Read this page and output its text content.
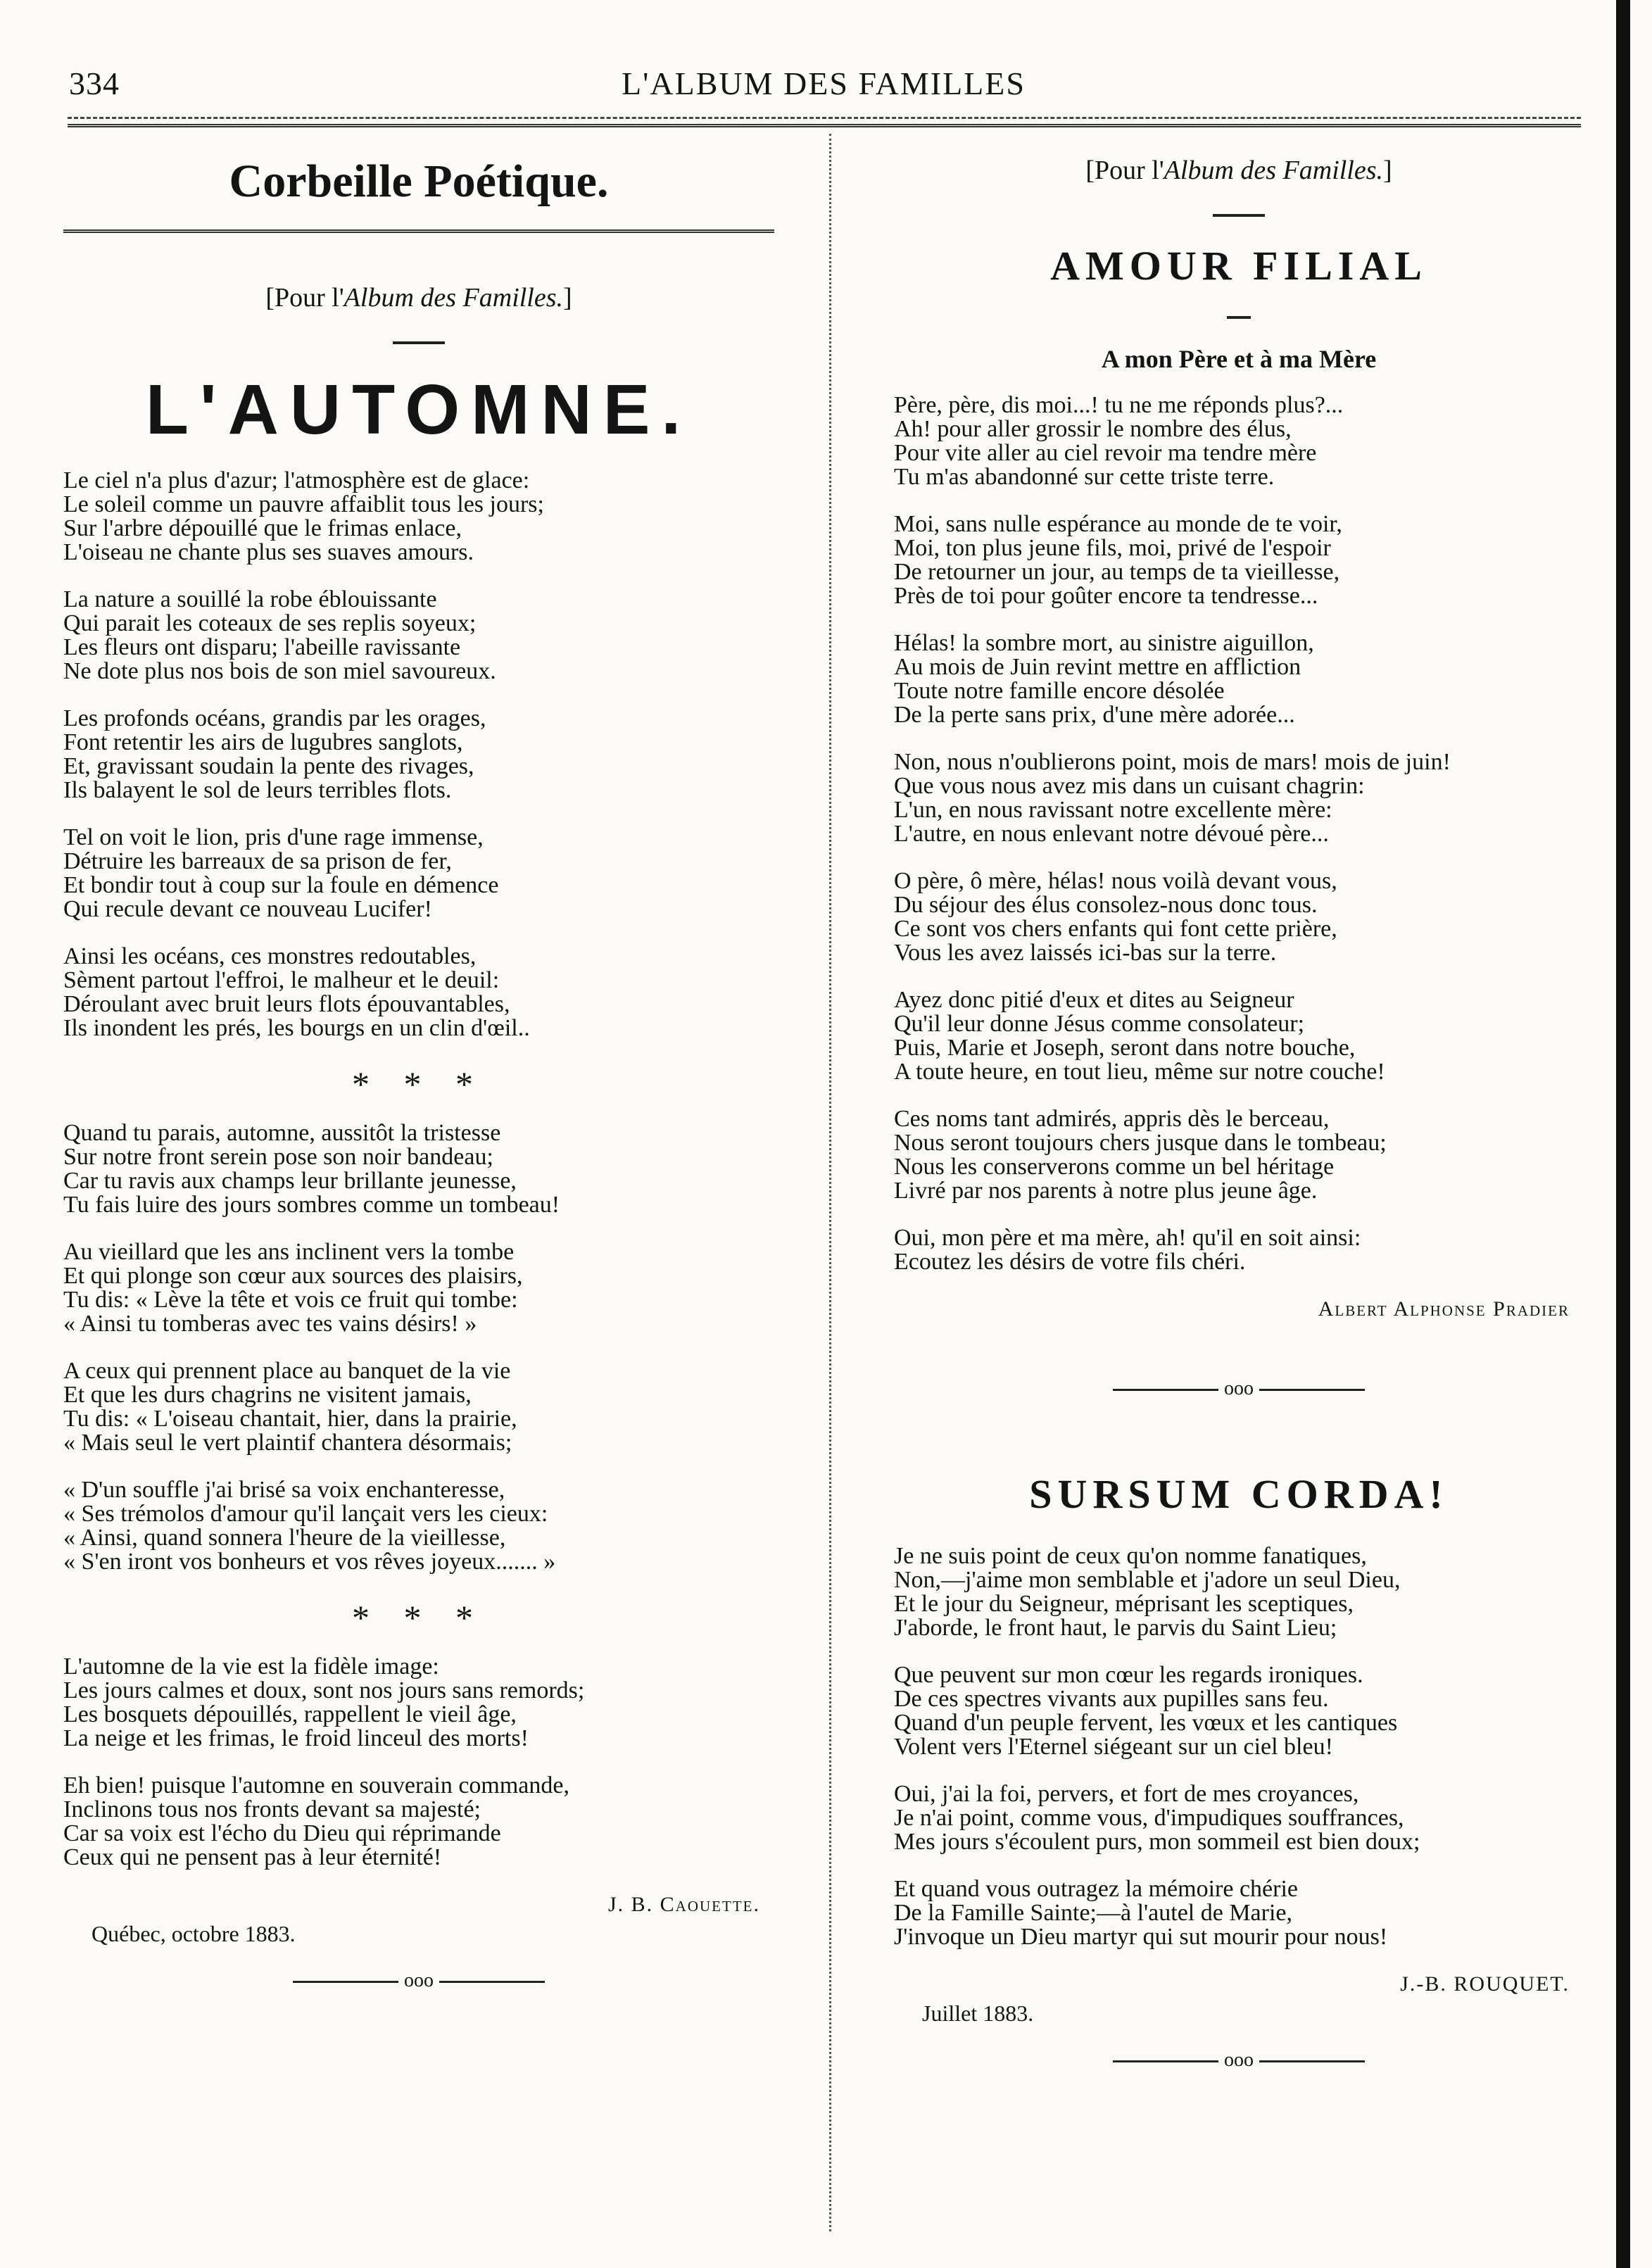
334	L'ALBUM DES FAMILLES
Corbeille Poétique.
[Pour l'Album des Familles.]
L'AUTOMNE.
Le ciel n'a plus d'azur; l'atmosphère est de glace:
Le soleil comme un pauvre affaiblit tous les jours;
Sur l'arbre dépouillé que le frimas enlace,
L'oiseau ne chante plus ses suaves amours.
La nature a souillé la robe éblouissante
Qui parait les coteaux de ses replis soyeux;
Les fleurs ont disparu; l'abeille ravissante
Ne dote plus nos bois de son miel savoureux.
Les profonds océans, grandis par les orages,
Font retentir les airs de lugubres sanglots,
Et, gravissant soudain la pente des rivages,
Ils balayent le sol de leurs terribles flots.
Tel on voit le lion, pris d'une rage immense,
Détruire les barreaux de sa prison de fer,
Et bondir tout à coup sur la foule en démence
Qui recule devant ce nouveau Lucifer!
Ainsi les océans, ces monstres redoutables,
Sèment partout l'effroi, le malheur et le deuil:
Déroulant avec bruit leurs flots épouvantables,
Ils inondent les prés, les bourgs en un clin d'œil..
* * *
Quand tu parais, automne, aussitôt la tristesse
Sur notre front serein pose son noir bandeau;
Car tu ravis aux champs leur brillante jeunesse,
Tu fais luire des jours sombres comme un tombeau!
Au vieillard que les ans inclinent vers la tombe
Et qui plonge son cœur aux sources des plaisirs,
Tu dis: « Lève la tête et vois ce fruit qui tombe:
« Ainsi tu tomberas avec tes vains désirs! »
A ceux qui prennent place au banquet de la vie
Et que les durs chagrins ne visitent jamais,
Tu dis: « L'oiseau chantait, hier, dans la prairie,
« Mais seul le vert plaintif chantera désormais;
« D'un souffle j'ai brisé sa voix enchanteresse,
« Ses trémolos d'amour qu'il lançait vers les cieux:
« Ainsi, quand sonnera l'heure de la vieillesse,
« S'en iront vos bonheurs et vos rêves joyeux....... »
* * *
L'automne de la vie est la fidèle image:
Les jours calmes et doux, sont nos jours sans remords;
Les bosquets dépouillés, rappellent le vieil âge,
La neige et les frimas, le froid linceul des morts!
Eh bien! puisque l'automne en souverain commande,
Inclinons tous nos fronts devant sa majesté;
Car sa voix est l'écho du Dieu qui réprimande
Ceux qui ne pensent pas à leur éternité!
J. B. Caouette.
Québec, octobre 1883.
ooo
[Pour l'Album des Familles.]
AMOUR FILIAL
A mon Père et à ma Mère
Père, père, dis moi...! tu ne me réponds plus?...
Ah! pour aller grossir le nombre des élus,
Pour vite aller au ciel revoir ma tendre mère
Tu m'as abandonné sur cette triste terre.
Moi, sans nulle espérance au monde de te voir,
Moi, ton plus jeune fils, moi, privé de l'espoir
De retourner un jour, au temps de ta vieillesse,
Près de toi pour goûter encore ta tendresse...
Hélas! la sombre mort, au sinistre aiguillon,
Au mois de Juin revint mettre en affliction
Toute notre famille encore désolée
De la perte sans prix, d'une mère adorée...
Non, nous n'oublierons point, mois de mars! mois de juin!
Que vous nous avez mis dans un cuisant chagrin:
L'un, en nous ravissant notre excellente mère:
L'autre, en nous enlevant notre dévoué père...
O père, ô mère, hélas! nous voilà devant vous,
Du séjour des élus consolez-nous donc tous.
Ce sont vos chers enfants qui font cette prière,
Vous les avez laissés ici-bas sur la terre.
Ayez donc pitié d'eux et dites au Seigneur
Qu'il leur donne Jésus comme consolateur;
Puis, Marie et Joseph, seront dans notre bouche,
A toute heure, en tout lieu, même sur notre couche!
Ces noms tant admirés, appris dès le berceau,
Nous seront toujours chers jusque dans le tombeau;
Nous les conserverons comme un bel héritage
Livré par nos parents à notre plus jeune âge.
Oui, mon père et ma mère, ah! qu'il en soit ainsi:
Ecoutez les désirs de votre fils chéri.
Albert Alphonse Pradier
ooo
SURSUM CORDA!
Je ne suis point de ceux qu'on nomme fanatiques,
Non,—j'aime mon semblable et j'adore un seul Dieu,
Et le jour du Seigneur, méprisant les sceptiques,
J'aborde, le front haut, le parvis du Saint Lieu;
Que peuvent sur mon cœur les regards ironiques.
De ces spectres vivants aux pupilles sans feu.
Quand d'un peuple fervent, les vœux et les cantiques
Volent vers l'Eternel siégeant sur un ciel bleu!
Oui, j'ai la foi, pervers, et fort de mes croyances,
Je n'ai point, comme vous, d'impudiques souffrances,
Mes jours s'écoulent purs, mon sommeil est bien doux;
Et quand vous outragez la mémoire chérie
De la Famille Sainte;—à l'autel de Marie,
J'invoque un Dieu martyr qui sut mourir pour nous!
J.-B. ROUQUET.
Juillet 1883.
ooo
